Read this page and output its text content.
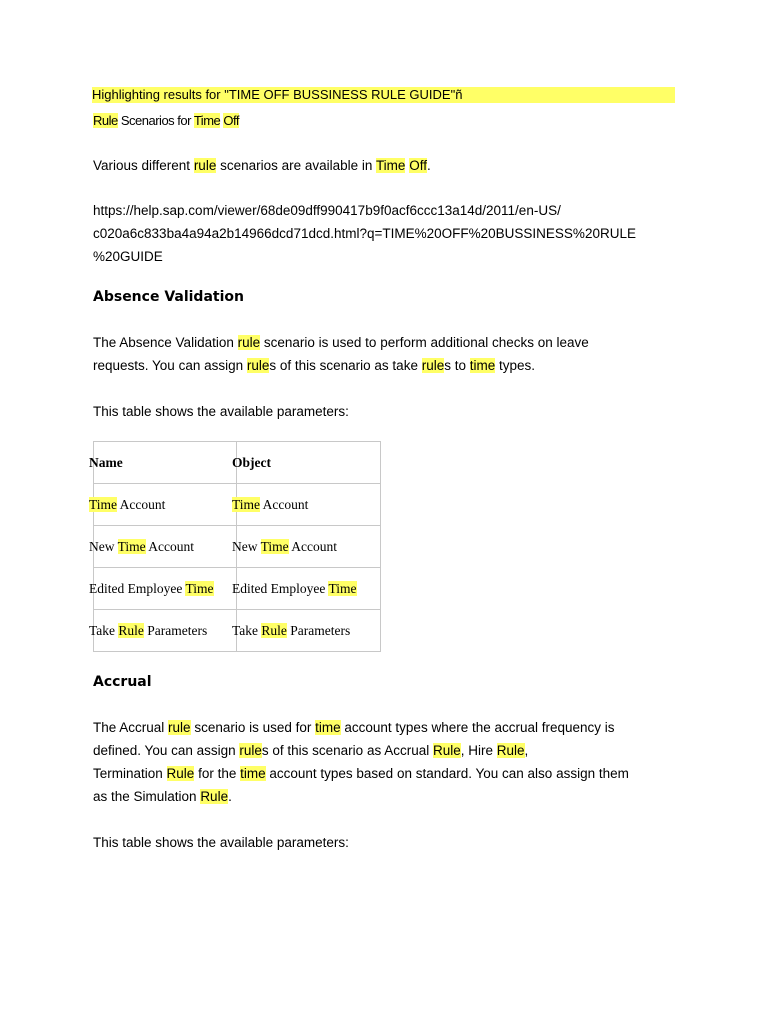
Highlighting results for "TIME OFF BUSSINESS RULE GUIDE"ñ
Rule Scenarios for Time Off
Various different rule scenarios are available in Time Off.
https://help.sap.com/viewer/68de09dff990417b9f0acf6ccc13a14d/2011/en-US/
c020a6c833ba4a94a2b14966dcd71dcd.html?q=TIME%20OFF%20BUSSINESS%20RULE
%20GUIDE
Absence Validation
The Absence Validation rule scenario is used to perform additional checks on leave
requests. You can assign rules of this scenario as take rules to time types.
This table shows the available parameters:
Name	Object
Time Account	Time Account
New Time Account	New Time Account
Edited Employee Time	Edited Employee Time
Take Rule Parameters	Take Rule Parameters
Accrual
The Accrual rule scenario is used for time account types where the accrual frequency is
defined. You can assign rules of this scenario as Accrual Rule, Hire Rule,
Termination Rule for the time account types based on standard. You can also assign them
as the Simulation Rule.
This table shows the available parameters:
